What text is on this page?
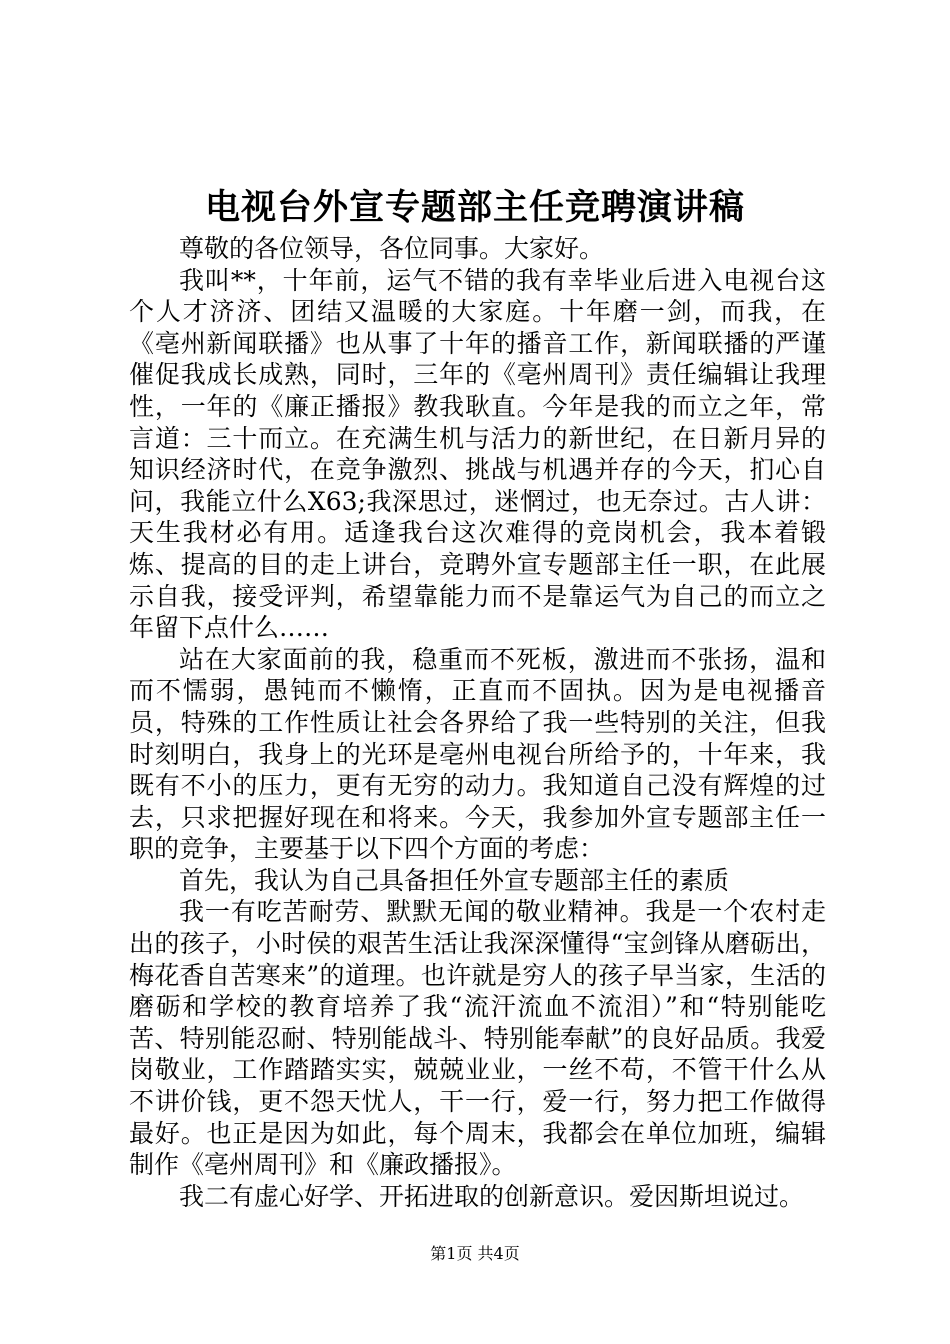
电视台外宣专题部主任竞聘演讲稿

尊敬的各位领导，各位同事。大家好。

我叫**，十年前，运气不错的我有幸毕业后进入电视台这个人才济济、团结又温暖的大家庭。十年磨一剑，而我，在《亳州新闻联播》也从事了十年的播音工作，新闻联播的严谨催促我成长成熟，同时，三年的《亳州周刊》责任编辑让我理性，一年的《廉正播报》教我耿直。今年是我的而立之年，常言道：三十而立。在充满生机与活力的新世纪，在日新月异的知识经济时代，在竞争激烈、挑战与机遇并存的今天，扪心自问，我能立什么X63;我深思过，迷惘过，也无奈过。古人讲：天生我材必有用。适逢我台这次难得的竞岗机会，我本着锻炼、提高的目的走上讲台，竞聘外宣专题部主任一职，在此展示自我，接受评判，希望靠能力而不是靠运气为自己的而立之年留下点什么……

站在大家面前的我，稳重而不死板，激进而不张扬，温和而不懦弱，愚钝而不懒惰，正直而不固执。因为是电视播音员，特殊的工作性质让社会各界给了我一些特别的关注，但我时刻明白，我身上的光环是亳州电视台所给予的，十年来，我既有不小的压力，更有无穷的动力。我知道自己没有辉煌的过去，只求把握好现在和将来。今天，我参加外宣专题部主任一职的竞争，主要基于以下四个方面的考虑：

首先，我认为自己具备担任外宣专题部主任的素质

我一有吃苦耐劳、默默无闻的敬业精神。我是一个农村走出的孩子，小时侯的艰苦生活让我深深懂得“宝剑锋从磨砺出，梅花香自苦寒来”的道理。也许就是穷人的孩子早当家，生活的磨砺和学校的教育培养了我“流汗流血不流泪）”和“特别能吃苦、特别能忍耐、特别能战斗、特别能奉献”的良好品质。我爱岗敬业，工作踏踏实实，兢兢业业，一丝不苟，不管干什么从不讲价钱，更不怨天忧人，干一行，爱一行，努力把工作做得最好。也正是因为如此，每个周末，我都会在单位加班，编辑制作《亳州周刊》和《廉政播报》。

我二有虚心好学、开拓进取的创新意识。爱因斯坦说过。

第1页 共4页
